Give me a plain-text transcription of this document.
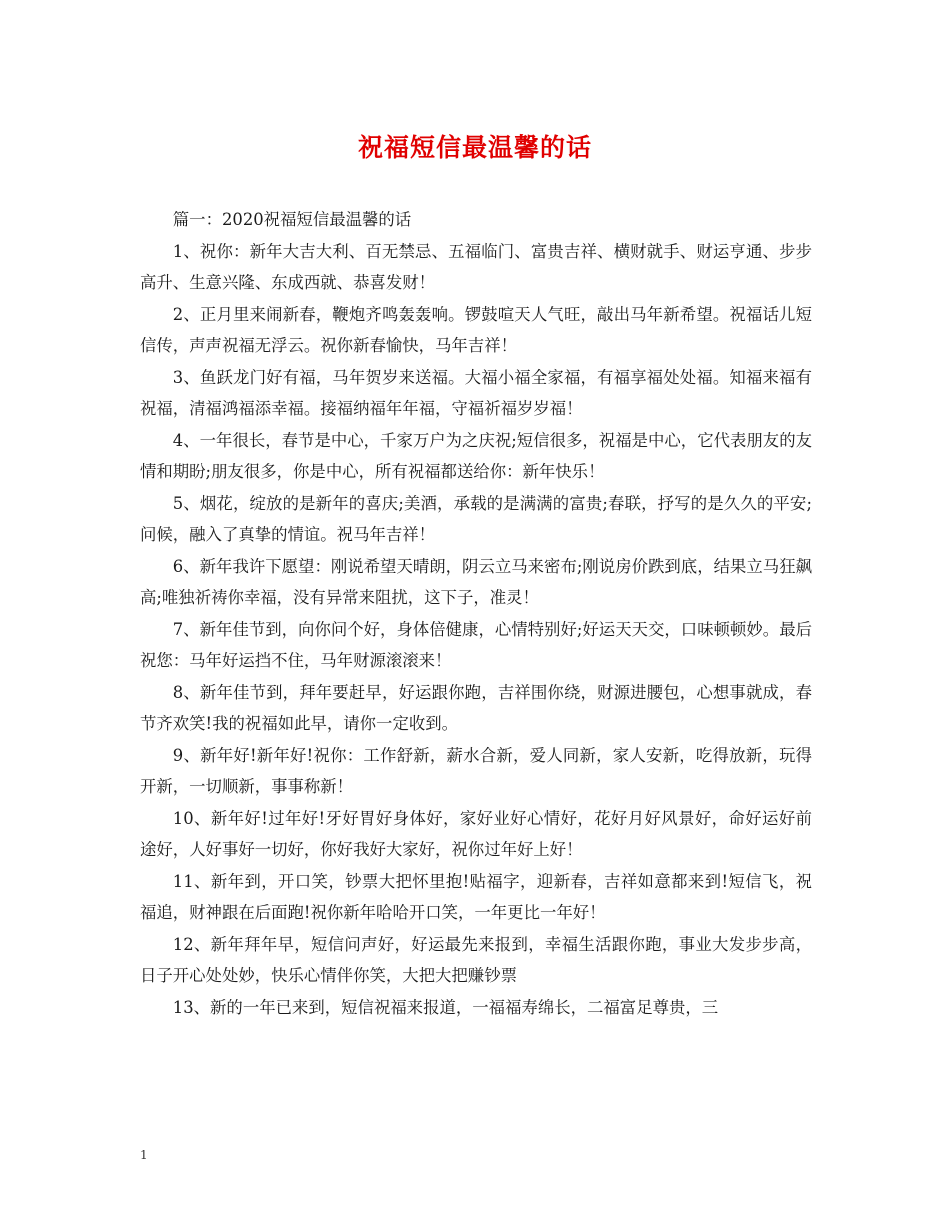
祝福短信最温馨的话

篇一：2020祝福短信最温馨的话

1、祝你：新年大吉大利、百无禁忌、五福临门、富贵吉祥、横财就手、财运亨通、步步高升、生意兴隆、东成西就、恭喜发财！

2、正月里来闹新春，鞭炮齐鸣轰轰响。锣鼓喧天人气旺，敲出马年新希望。祝福话儿短信传，声声祝福无浮云。祝你新春愉快，马年吉祥！

3、鱼跃龙门好有福，马年贺岁来送福。大福小福全家福，有福享福处处福。知福来福有祝福，清福鸿福添幸福。接福纳福年年福，守福祈福岁岁福！

4、一年很长，春节是中心，千家万户为之庆祝;短信很多，祝福是中心，它代表朋友的友情和期盼;朋友很多，你是中心，所有祝福都送给你：新年快乐！

5、烟花，绽放的是新年的喜庆;美酒，承载的是满满的富贵;春联，抒写的是久久的平安;问候，融入了真挚的情谊。祝马年吉祥！

6、新年我许下愿望：刚说希望天晴朗，阴云立马来密布;刚说房价跌到底，结果立马狂飙高;唯独祈祷你幸福，没有异常来阻扰，这下子，准灵！

7、新年佳节到，向你问个好，身体倍健康，心情特别好;好运天天交，口味顿顿妙。最后祝您：马年好运挡不住，马年财源滚滚来！

8、新年佳节到，拜年要赶早，好运跟你跑，吉祥围你绕，财源进腰包，心想事就成，春节齐欢笑!我的祝福如此早，请你一定收到。

9、新年好!新年好!祝你：工作舒新，薪水合新，爱人同新，家人安新，吃得放新，玩得开新，一切顺新，事事称新！

10、新年好!过年好!牙好胃好身体好，家好业好心情好，花好月好风景好，命好运好前途好，人好事好一切好，你好我好大家好，祝你过年好上好！

11、新年到，开口笑，钞票大把怀里抱!贴福字，迎新春，吉祥如意都来到!短信飞，祝福追，财神跟在后面跑!祝你新年哈哈开口笑，一年更比一年好！

12、新年拜年早，短信问声好，好运最先来报到，幸福生活跟你跑，事业大发步步高，日子开心处处妙，快乐心情伴你笑，大把大把赚钞票

13、新的一年已来到，短信祝福来报道，一福福寿绵长，二福富足尊贵，三

1
